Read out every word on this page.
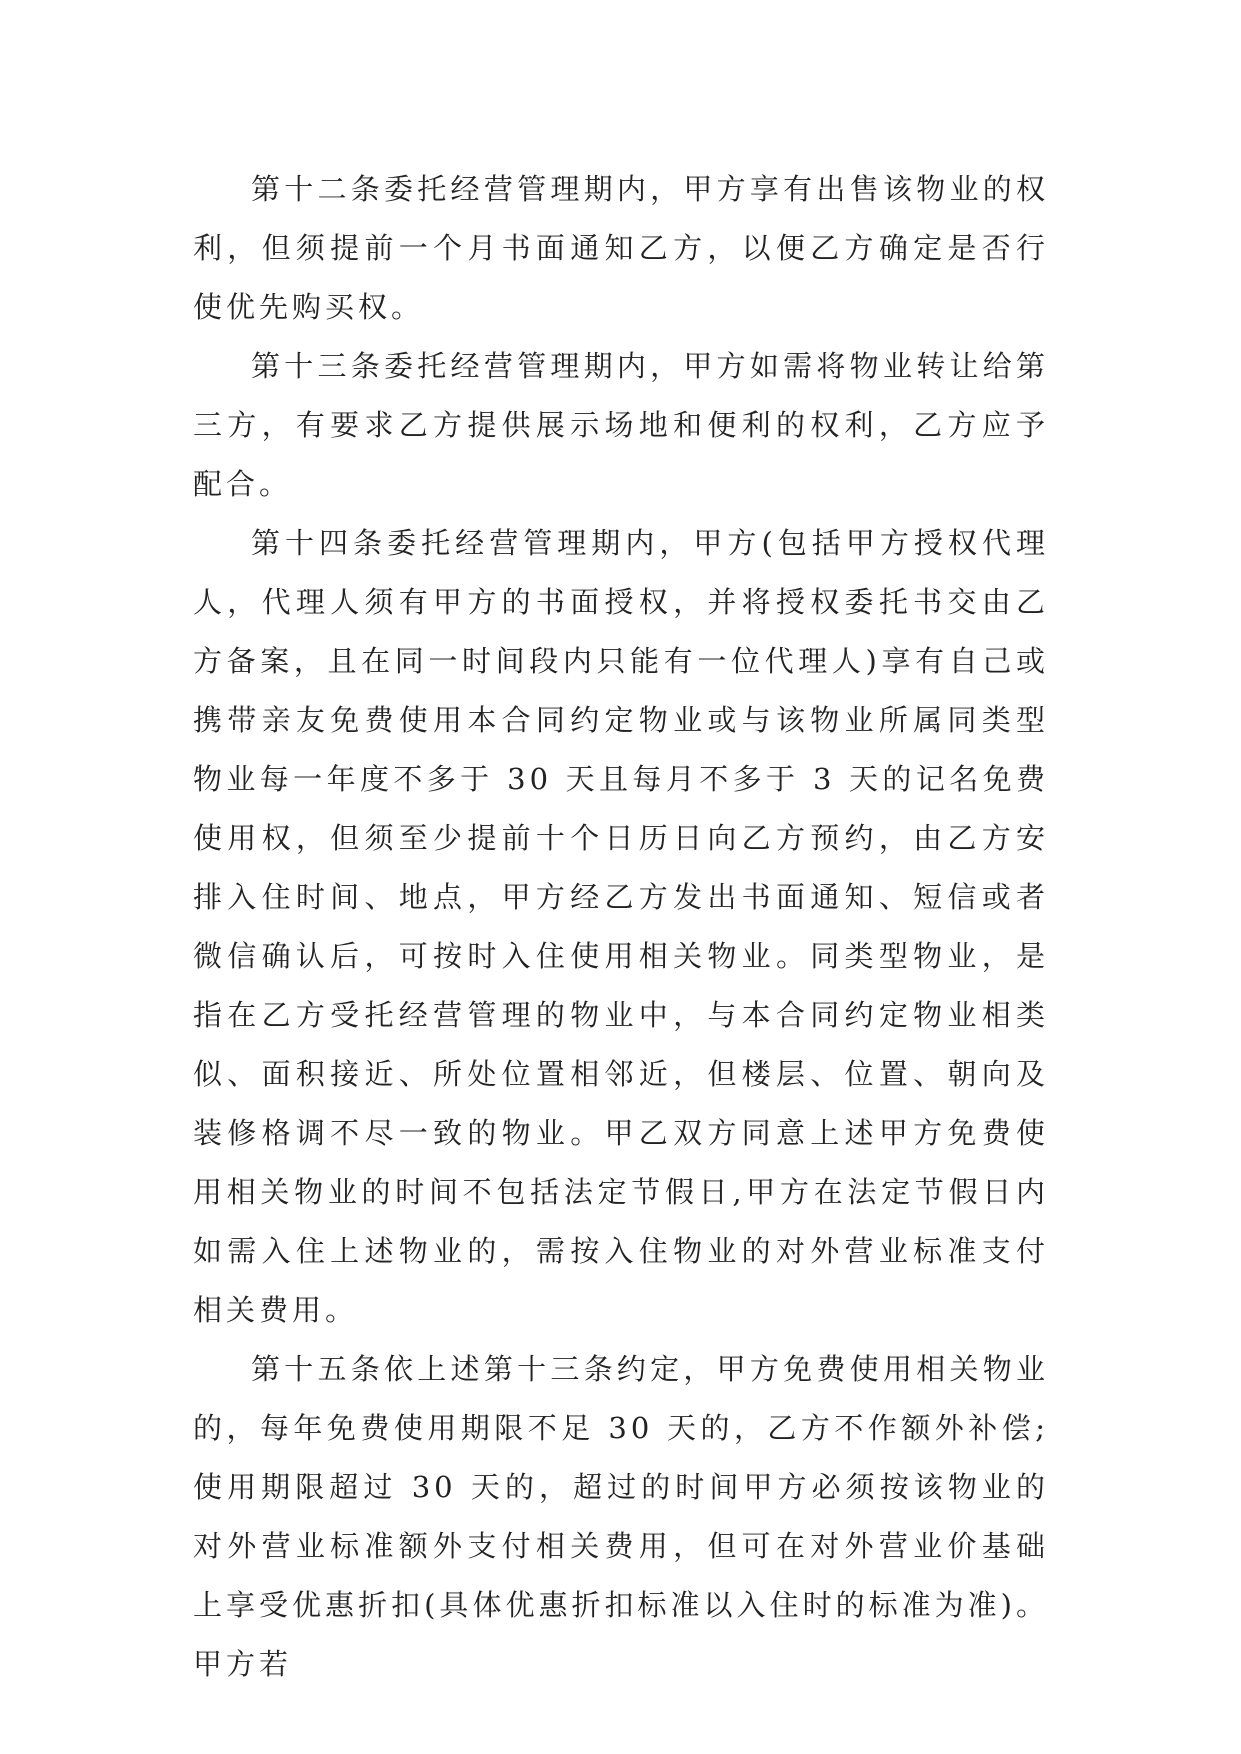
第十二条委托经营管理期内，甲方享有出售该物业的权利，但须提前一个月书面通知乙方，以便乙方确定是否行使优先购买权。

第十三条委托经营管理期内，甲方如需将物业转让给第三方，有要求乙方提供展示场地和便利的权利，乙方应予配合。

第十四条委托经营管理期内，甲方(包括甲方授权代理人，代理人须有甲方的书面授权，并将授权委托书交由乙方备案，且在同一时间段内只能有一位代理人)享有自己或携带亲友免费使用本合同约定物业或与该物业所属同类型物业每一年度不多于 30 天且每月不多于 3 天的记名免费使用权，但须至少提前十个日历日向乙方预约，由乙方安排入住时间、地点，甲方经乙方发出书面通知、短信或者微信确认后，可按时入住使用相关物业。同类型物业，是指在乙方受托经营管理的物业中，与本合同约定物业相类似、面积接近、所处位置相邻近，但楼层、位置、朝向及装修格调不尽一致的物业。甲乙双方同意上述甲方免费使用相关物业的时间不包括法定节假日,甲方在法定节假日内如需入住上述物业的，需按入住物业的对外营业标准支付相关费用。

第十五条依上述第十三条约定，甲方免费使用相关物业的，每年免费使用期限不足 30 天的，乙方不作额外补偿;使用期限超过 30 天的，超过的时间甲方必须按该物业的对外营业标准额外支付相关费用，但可在对外营业价基础上享受优惠折扣(具体优惠折扣标准以入住时的标准为准)。甲方若
